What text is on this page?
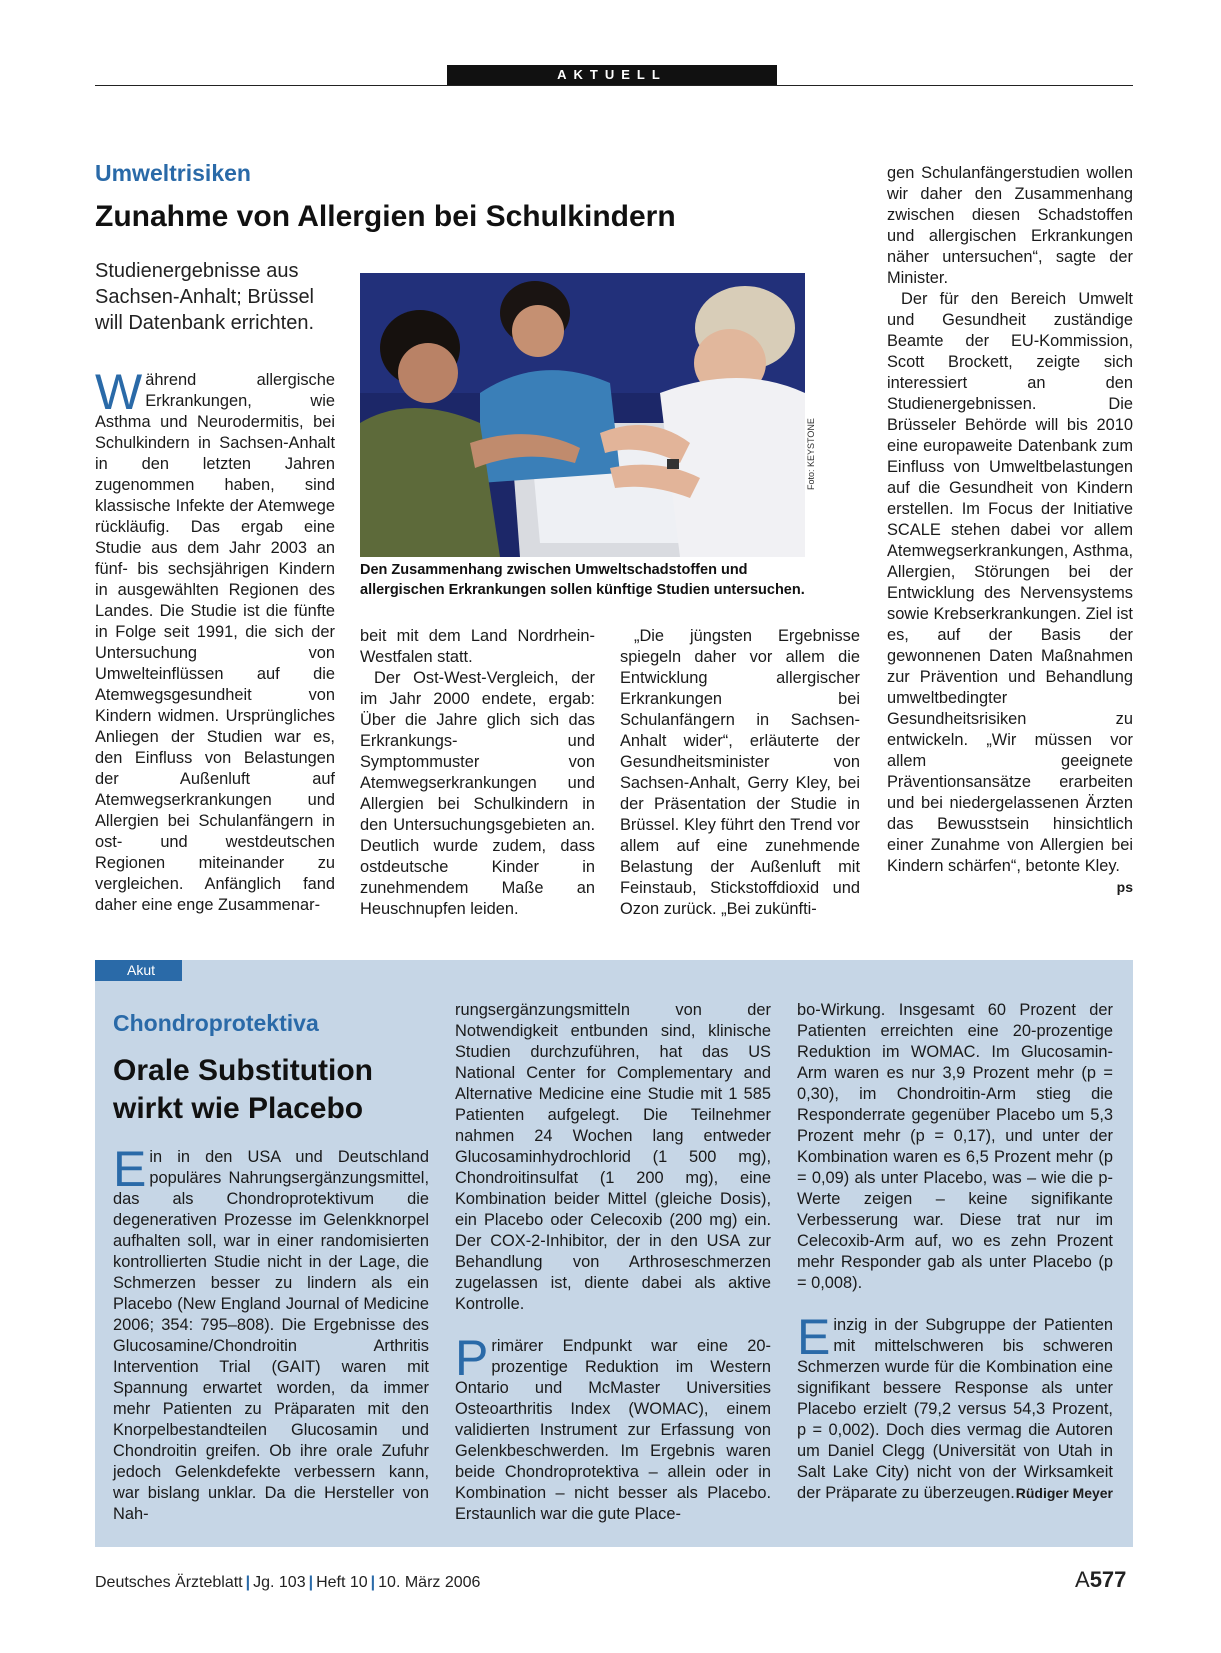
AKTUELL
Umweltrisiken
Zunahme von Allergien bei Schulkindern
Studienergebnisse aus Sachsen-Anhalt; Brüssel will Datenbank errichten.
Foto: KEYSTONE
Den Zusammenhang zwischen Umweltschadstoffen und allergischen Erkrankungen sollen künftige Studien untersuchen.

Während allergische Erkrankungen, wie Asthma und Neurodermitis, bei Schulkindern in Sachsen-Anhalt in den letzten Jahren zugenommen haben, sind klassische Infekte der Atemwege rückläufig. Das ergab eine Studie aus dem Jahr 2003 an fünf- bis sechsjährigen Kindern in ausgewählten Regionen des Landes. Die Studie ist die fünfte in Folge seit 1991, die sich der Untersuchung von Umwelteinflüssen auf die Atemwegsgesundheit von Kindern widmen. Ursprüngliches Anliegen der Studien war es, den Einfluss von Belastungen der Außenluft auf Atemwegserkrankungen und Allergien bei Schulanfängern in ost- und westdeutschen Regionen miteinander zu vergleichen. Anfänglich fand daher eine enge Zusammenar-

beit mit dem Land Nordrhein-Westfalen statt.

Der Ost-West-Vergleich, der im Jahr 2000 endete, ergab: Über die Jahre glich sich das Erkrankungs- und Symptommuster von Atemwegserkrankungen und Allergien bei Schulkindern in den Untersuchungsgebieten an. Deutlich wurde zudem, dass ostdeutsche Kinder in zunehmendem Maße an Heuschnupfen leiden.

„Die jüngsten Ergebnisse spiegeln daher vor allem die Entwicklung allergischer Erkrankungen bei Schulanfängern in Sachsen-Anhalt wider“, erläuterte der Gesundheitsminister von Sachsen-Anhalt, Gerry Kley, bei der Präsentation der Studie in Brüssel. Kley führt den Trend vor allem auf eine zunehmende Belastung der Außenluft mit Feinstaub, Stickstoffdioxid und Ozon zurück. „Bei zukünfti-

gen Schulanfängerstudien wollen wir daher den Zusammenhang zwischen diesen Schadstoffen und allergischen Erkrankungen näher untersuchen“, sagte der Minister.

Der für den Bereich Umwelt und Gesundheit zuständige Beamte der EU-Kommission, Scott Brockett, zeigte sich interessiert an den Studienergebnissen. Die Brüsseler Behörde will bis 2010 eine europaweite Datenbank zum Einfluss von Umweltbelastungen auf die Gesundheit von Kindern erstellen. Im Focus der Initiative SCALE stehen dabei vor allem Atemwegserkrankungen, Asthma, Allergien, Störungen bei der Entwicklung des Nervensystems sowie Krebserkrankungen. Ziel ist es, auf der Basis der gewonnenen Daten Maßnahmen zur Prävention und Behandlung umweltbedingter Gesundheitsrisiken zu entwickeln. „Wir müssen vor allem geeignete Präventionsansätze erarbeiten und bei niedergelassenen Ärzten das Bewusstsein hinsichtlich einer Zunahme von Allergien bei Kindern schärfen“, betonte Kley.
ps

Akut
Chondroprotektiva
Orale Substitution
wirkt wie Placebo

Ein in den USA und Deutschland populäres Nahrungsergänzungsmittel, das als Chondroprotektivum die degenerativen Prozesse im Gelenkknorpel aufhalten soll, war in einer randomisierten kontrollierten Studie nicht in der Lage, die Schmerzen besser zu lindern als ein Placebo (New England Journal of Medicine 2006; 354: 795–808). Die Ergebnisse des Glucosamine/Chondroitin Arthritis Intervention Trial (GAIT) waren mit Spannung erwartet worden, da immer mehr Patienten zu Präparaten mit den Knorpelbestandteilen Glucosamin und Chondroitin greifen. Ob ihre orale Zufuhr jedoch Gelenkdefekte verbessern kann, war bislang unklar. Da die Hersteller von Nah-

rungsergänzungsmitteln von der Notwendigkeit entbunden sind, klinische Studien durchzuführen, hat das US National Center for Complementary and Alternative Medicine eine Studie mit 1 585 Patienten aufgelegt. Die Teilnehmer nahmen 24 Wochen lang entweder Glucosaminhydrochlorid (1 500 mg), Chondroitinsulfat (1 200 mg), eine Kombination beider Mittel (gleiche Dosis), ein Placebo oder Celecoxib (200 mg) ein. Der COX-2-Inhibitor, der in den USA zur Behandlung von Arthroseschmerzen zugelassen ist, diente dabei als aktive Kontrolle.

Primärer Endpunkt war eine 20-prozentige Reduktion im Western Ontario und McMaster Universities Osteoarthritis Index (WOMAC), einem validierten Instrument zur Erfassung von Gelenkbeschwerden. Im Ergebnis waren beide Chondroprotektiva – allein oder in Kombination – nicht besser als Placebo. Erstaunlich war die gute Place-

bo-Wirkung. Insgesamt 60 Prozent der Patienten erreichten eine 20-prozentige Reduktion im WOMAC. Im Glucosamin-Arm waren es nur 3,9 Prozent mehr (p = 0,30), im Chondroitin-Arm stieg die Responderrate gegenüber Placebo um 5,3 Prozent mehr (p = 0,17), und unter der Kombination waren es 6,5 Prozent mehr (p = 0,09) als unter Placebo, was – wie die p-Werte zeigen – keine signifikante Verbesserung war. Diese trat nur im Celecoxib-Arm auf, wo es zehn Prozent mehr Responder gab als unter Placebo (p = 0,008).

Einzig in der Subgruppe der Patienten mit mittelschweren bis schweren Schmerzen wurde für die Kombination eine signifikant bessere Response als unter Placebo erzielt (79,2 versus 54,3 Prozent, p = 0,002). Doch dies vermag die Autoren um Daniel Clegg (Universität von Utah in Salt Lake City) nicht von der Wirksamkeit der Präparate zu überzeugen. Rüdiger Meyer

Deutsches Ärzteblatt | Jg. 103 | Heft 10 | 10. März 2006	A577
